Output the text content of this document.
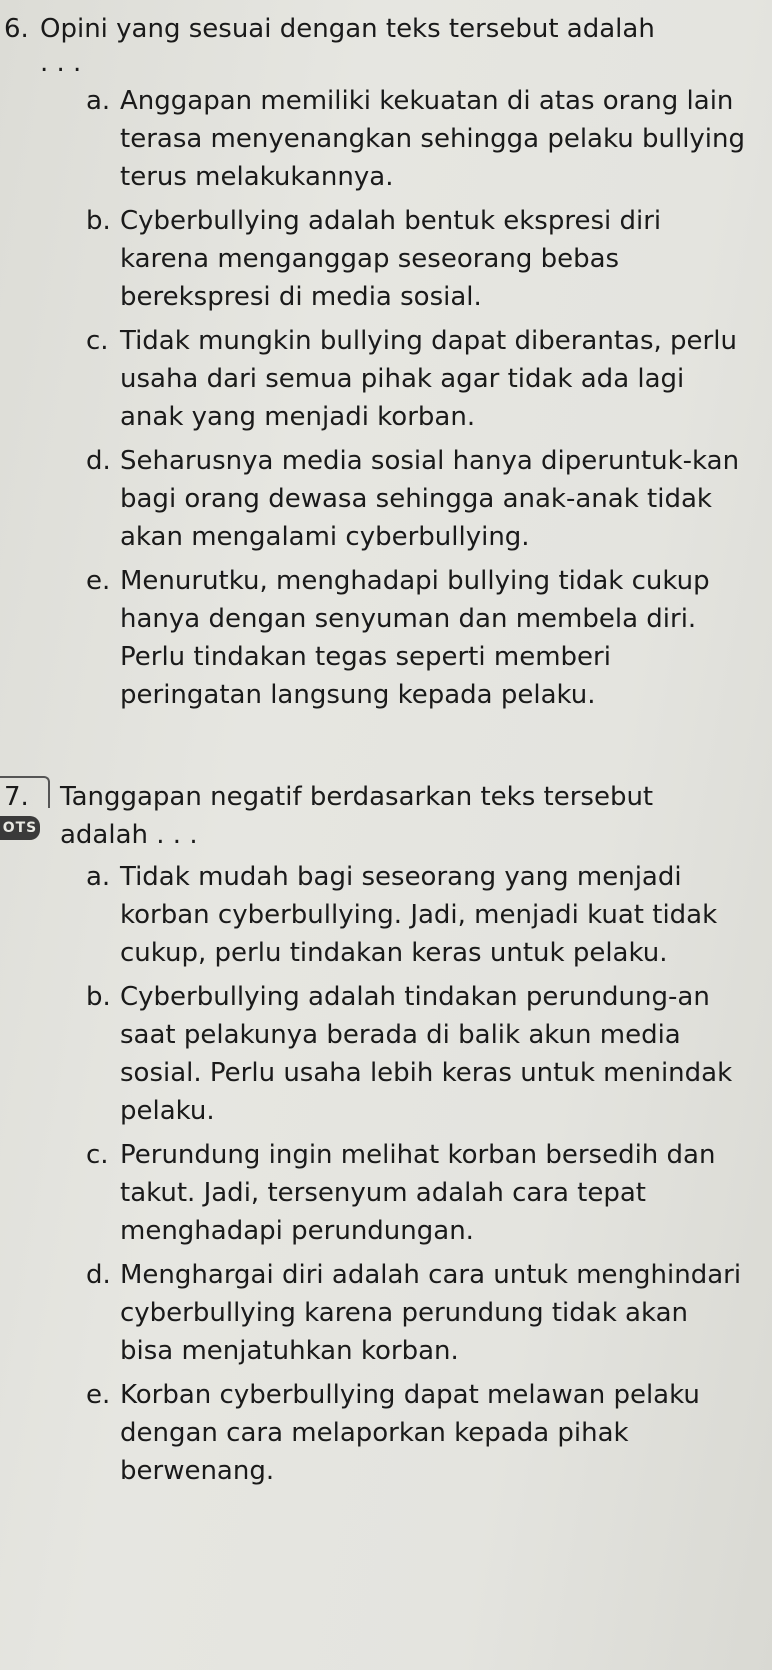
6. Opini yang sesuai dengan teks tersebut adalah
. . .
a. Anggapan memiliki kekuatan di atas orang lain terasa menyenangkan sehingga pelaku bullying terus melakukannya.
b. Cyberbullying adalah bentuk ekspresi diri karena menganggap seseorang bebas berekspresi di media sosial.
c. Tidak mungkin bullying dapat diberantas, perlu usaha dari semua pihak agar tidak ada lagi anak yang menjadi korban.
d. Seharusnya media sosial hanya diperuntuk-kan bagi orang dewasa sehingga anak-anak tidak akan mengalami cyberbullying.
e. Menurutku, menghadapi bullying tidak cukup hanya dengan senyuman dan membela diri. Perlu tindakan tegas seperti memberi peringatan langsung kepada pelaku.
OTS
7. Tanggapan negatif berdasarkan teks tersebut
adalah . . .
a. Tidak mudah bagi seseorang yang menjadi korban cyberbullying. Jadi, menjadi kuat tidak cukup, perlu tindakan keras untuk pelaku.
b. Cyberbullying adalah tindakan perundung-an saat pelakunya berada di balik akun media sosial. Perlu usaha lebih keras untuk menindak pelaku.
c. Perundung ingin melihat korban bersedih dan takut. Jadi, tersenyum adalah cara tepat menghadapi perundungan.
d. Menghargai diri adalah cara untuk menghindari cyberbullying karena perundung tidak akan bisa menjatuhkan korban.
e. Korban cyberbullying dapat melawan pelaku dengan cara melaporkan kepada pihak berwenang.
